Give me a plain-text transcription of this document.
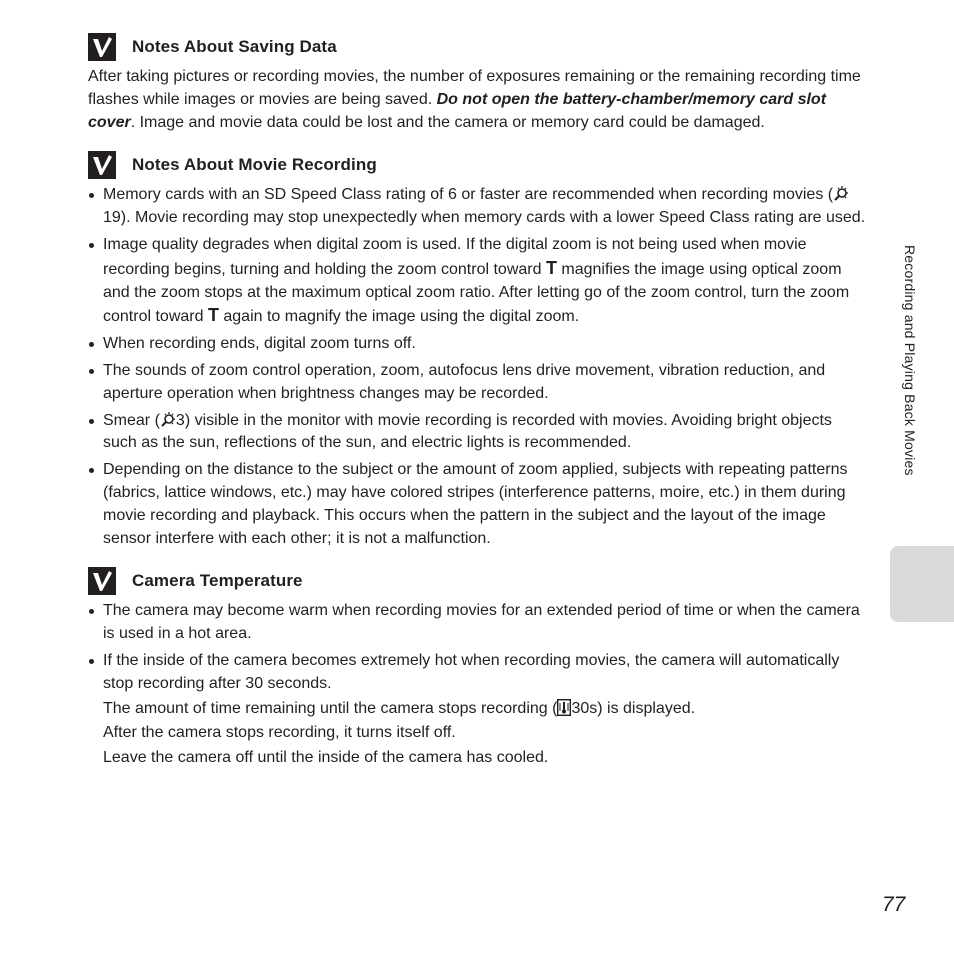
Notes About Saving Data

After taking pictures or recording movies, the number of exposures remaining or the remaining recording time flashes while images or movies are being saved. Do not open the battery-chamber/memory card slot cover. Image and movie data could be lost and the camera or memory card could be damaged.

Notes About Movie Recording
Memory cards with an SD Speed Class rating of 6 or faster are recommended when recording movies (19). Movie recording may stop unexpectedly when memory cards with a lower Speed Class rating are used.
Image quality degrades when digital zoom is used. If the digital zoom is not being used when movie recording begins, turning and holding the zoom control toward T magnifies the image using optical zoom and the zoom stops at the maximum optical zoom ratio. After letting go of the zoom control, turn the zoom control toward T again to magnify the image using the digital zoom.
When recording ends, digital zoom turns off.
The sounds of zoom control operation, zoom, autofocus lens drive movement, vibration reduction, and aperture operation when brightness changes may be recorded.
Smear ( 3) visible in the monitor with movie recording is recorded with movies. Avoiding bright objects such as the sun, reflections of the sun, and electric lights is recommended.
Depending on the distance to the subject or the amount of zoom applied, subjects with repeating patterns (fabrics, lattice windows, etc.) may have colored stripes (interference patterns, moire, etc.) in them during movie recording and playback. This occurs when the pattern in the subject and the layout of the image sensor interfere with each other; it is not a malfunction.
Camera Temperature
The camera may become warm when recording movies for an extended period of time or when the camera is used in a hot area.
If the inside of the camera becomes extremely hot when recording movies, the camera will automatically stop recording after 30 seconds.
The amount of time remaining until the camera stops recording ( 30s) is displayed.
After the camera stops recording, it turns itself off.
Leave the camera off until the inside of the camera has cooled.
Recording and Playing Back Movies
77
